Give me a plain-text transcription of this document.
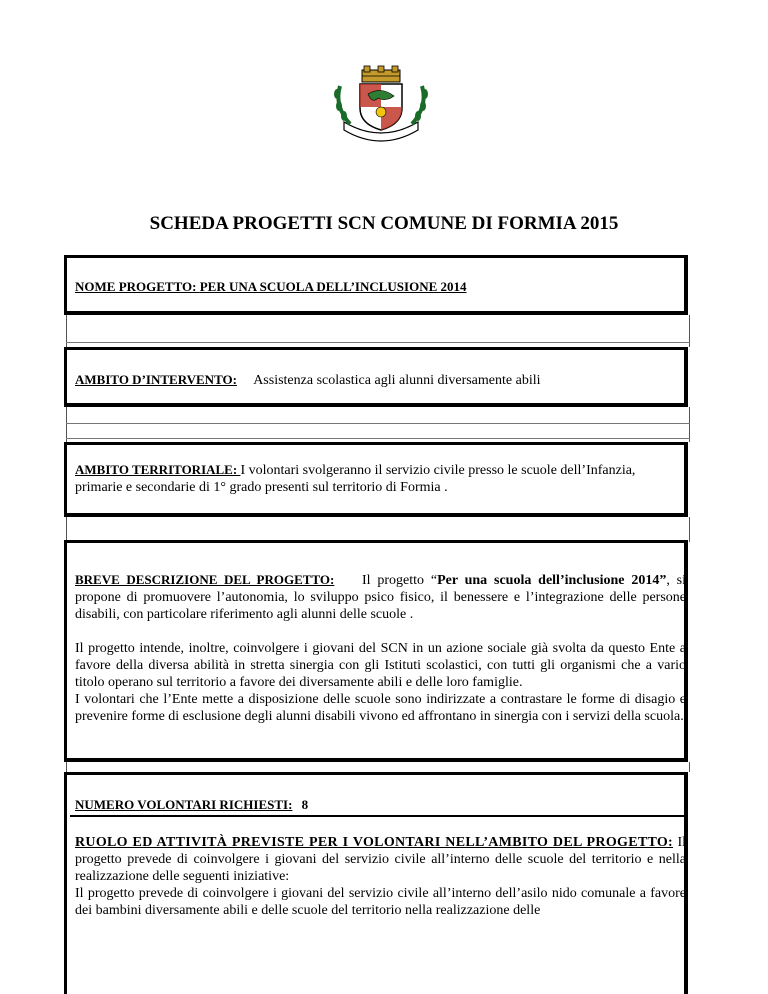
SCHEDA PROGETTI SCN COMUNE DI FORMIA 2015
NOME PROGETTO: PER UNA SCUOLA DELL’INCLUSIONE 2014
AMBITO D’INTERVENTO: Assistenza scolastica agli alunni diversamente abili
AMBITO TERRITORIALE: I volontari svolgeranno il servizio civile presso le scuole dell’Infanzia, primarie e secondarie di 1° grado presenti sul territorio di Formia .

BREVE DESCRIZIONE DEL PROGETTO: Il progetto “Per una scuola dell’inclusione 2014”, si propone di promuovere l’autonomia, lo sviluppo psico fisico, il benessere e l’integrazione delle persone disabili, con particolare riferimento agli alunni delle scuole .

Il progetto intende, inoltre, coinvolgere i giovani del SCN in un azione sociale già svolta da questo Ente a favore della diversa abilità in stretta sinergia con gli Istituti scolastici, con tutti gli organismi che a vario titolo operano sul territorio a favore dei diversamente abili e delle loro famiglie.

I volontari che l’Ente mette a disposizione delle scuole sono indirizzate a contrastare le forme di disagio e prevenire forme di esclusione degli alunni disabili vivono ed affrontano in sinergia con i servizi della scuola.

NUMERO VOLONTARI RICHIESTI: 8

RUOLO ED ATTIVITÀ PREVISTE PER I VOLONTARI NELL’AMBITO DEL PROGETTO: Il progetto prevede di coinvolgere i giovani del servizio civile all’interno delle scuole del territorio e nella realizzazione delle seguenti iniziative:

Il progetto prevede di coinvolgere i giovani del servizio civile all’interno dell’asilo nido comunale a favore dei bambini diversamente abili e delle scuole del territorio nella realizzazione delle
